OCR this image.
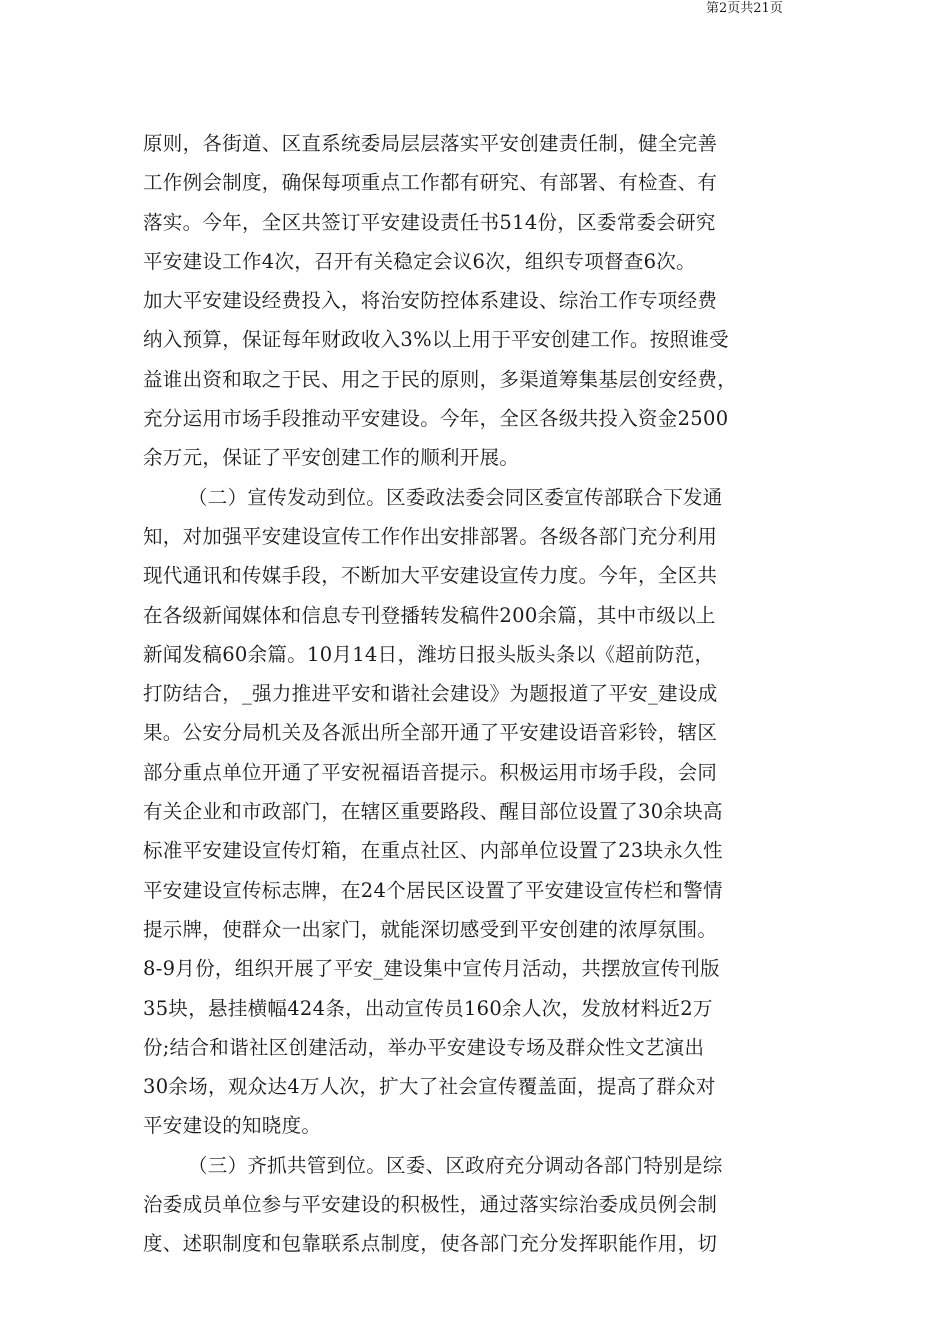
原则，各街道、区直系统委局层层落实平安创建责任制，健全完善
工作例会制度，确保每项重点工作都有研究、有部署、有检查、有
落实。今年，全区共签订平安建设责任书514份，区委常委会研究
平安建设工作4次，召开有关稳定会议6次，组织专项督查6次。
加大平安建设经费投入，将治安防控体系建设、综治工作专项经费
纳入预算，保证每年财政收入3%以上用于平安创建工作。按照谁受
益谁出资和取之于民、用之于民的原则，多渠道筹集基层创安经费，
充分运用市场手段推动平安建设。今年，全区各级共投入资金2500
余万元，保证了平安创建工作的顺利开展。
（二）宣传发动到位。区委政法委会同区委宣传部联合下发通
知，对加强平安建设宣传工作作出安排部署。各级各部门充分利用
现代通讯和传媒手段，不断加大平安建设宣传力度。今年，全区共
在各级新闻媒体和信息专刊登播转发稿件200余篇，其中市级以上
新闻发稿60余篇。10月14日，潍坊日报头版头条以《超前防范，
打防结合，_强力推进平安和谐社会建设》为题报道了平安_建设成
果。公安分局机关及各派出所全部开通了平安建设语音彩铃，辖区
部分重点单位开通了平安祝福语音提示。积极运用市场手段，会同
有关企业和市政部门，在辖区重要路段、醒目部位设置了30余块高
标准平安建设宣传灯箱，在重点社区、内部单位设置了23块永久性
平安建设宣传标志牌，在24个居民区设置了平安建设宣传栏和警情
提示牌，使群众一出家门，就能深切感受到平安创建的浓厚氛围。
8-9月份，组织开展了平安_建设集中宣传月活动，共摆放宣传刊版
35块，悬挂横幅424条，出动宣传员160余人次，发放材料近2万
份;结合和谐社区创建活动，举办平安建设专场及群众性文艺演出
30余场，观众达4万人次，扩大了社会宣传覆盖面，提高了群众对
平安建设的知晓度。
（三）齐抓共管到位。区委、区政府充分调动各部门特别是综
治委成员单位参与平安建设的积极性，通过落实综治委成员例会制
度、述职制度和包靠联系点制度，使各部门充分发挥职能作用，切
第2页共21页
